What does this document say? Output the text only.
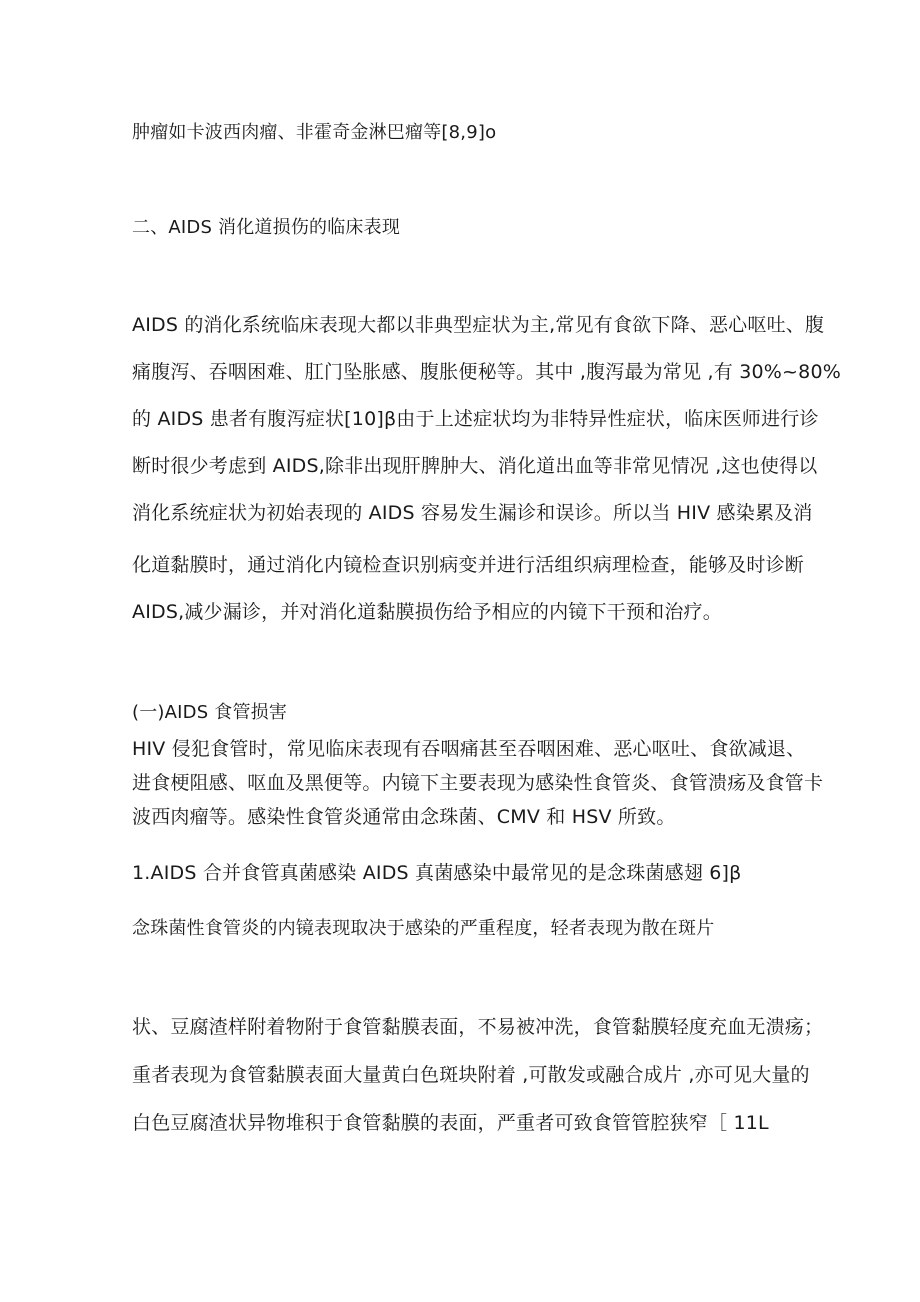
肿瘤如卡波西肉瘤、非霍奇金淋巴瘤等[8,9]o
二、AIDS 消化道损伤的临床表现
AIDS 的消化系统临床表现大都以非典型症状为主,常见有食欲下降、恶心呕吐、腹
痛腹泻、吞咽困难、肛门坠胀感、腹胀便秘等。其中 ,腹泻最为常见 ,有 30%~80%
的 AIDS 患者有腹泻症状[10]β由于上述症状均为非特异性症状，临床医师进行诊
断时很少考虑到 AIDS,除非出现肝脾肿大、消化道出血等非常见情况 ,这也使得以
消化系统症状为初始表现的 AIDS 容易发生漏诊和误诊。所以当 HIV 感染累及消
化道黏膜时，通过消化内镜检查识别病变并进行活组织病理检查，能够及时诊断
AIDS,减少漏诊，并对消化道黏膜损伤给予相应的内镜下干预和治疗。
(一)AIDS 食管损害
HIV 侵犯食管时，常见临床表现有吞咽痛甚至吞咽困难、恶心呕吐、食欲减退、
进食梗阻感、呕血及黑便等。内镜下主要表现为感染性食管炎、食管溃疡及食管卡
波西肉瘤等。感染性食管炎通常由念珠菌、CMV 和 HSV 所致。
1.AIDS 合并食管真菌感染 AIDS 真菌感染中最常见的是念珠菌感翅 6]β
念珠菌性食管炎的内镜表现取决于感染的严重程度，轻者表现为散在斑片
状、豆腐渣样附着物附于食管黏膜表面，不易被冲洗，食管黏膜轻度充血无溃疡；
重者表现为食管黏膜表面大量黄白色斑块附着 ,可散发或融合成片 ,亦可见大量的
白色豆腐渣状异物堆积于食管黏膜的表面，严重者可致食管管腔狭窄［ 11L
